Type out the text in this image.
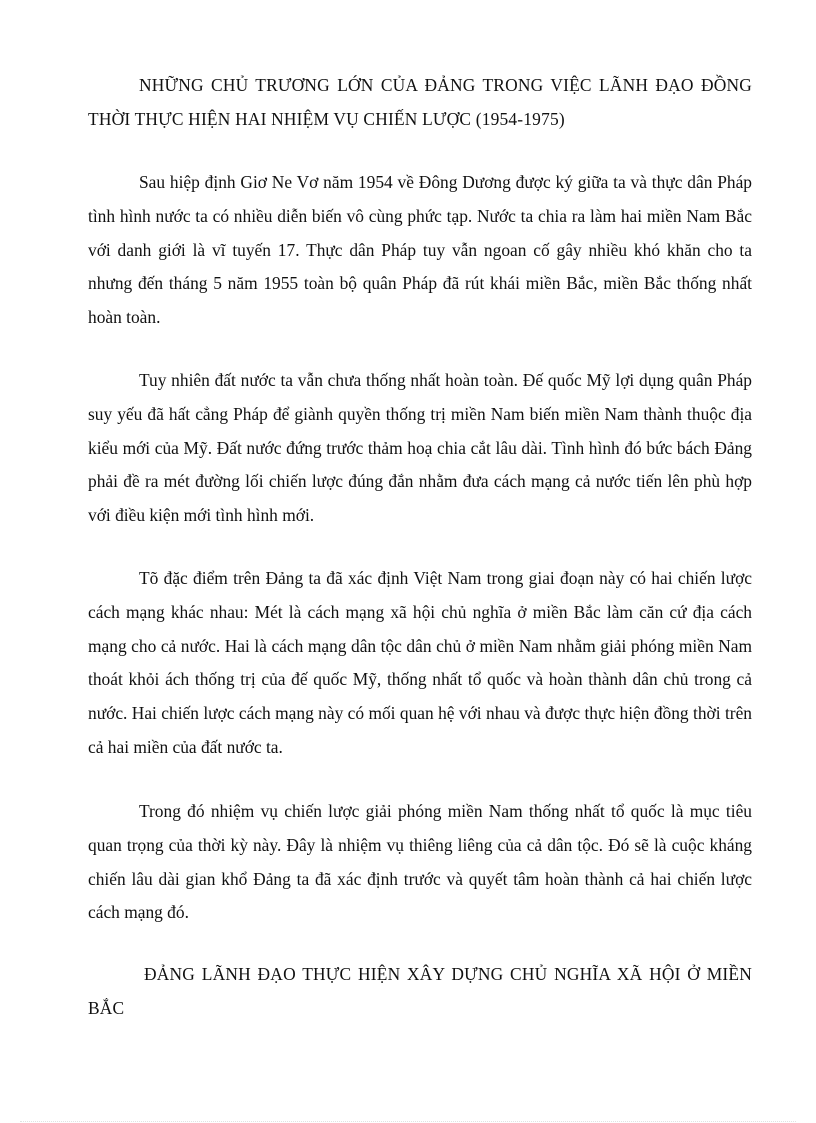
NHỮNG CHỦ TRƯƠNG LỚN CỦA ĐẢNG TRONG VIỆC LÃNH ĐẠO ĐỒNG THỜI THỰC HIỆN HAI NHIỆM VỤ CHIẾN LƯỢC (1954-1975)

Sau hiệp định Giơ Ne Vơ năm 1954 về Đông Dương được ký giữa ta và thực dân Pháp tình hình nước ta có nhiều diễn biến vô cùng phức tạp. Nước ta chia ra làm hai miền Nam Bắc với danh giới là vĩ tuyến 17. Thực dân Pháp tuy vẫn ngoan cố gây nhiều khó khăn cho ta nhưng đến tháng 5 năm 1955 toàn bộ quân Pháp đã rút khái miền Bắc, miền Bắc thống nhất hoàn toàn.

Tuy nhiên đất nước ta vẫn chưa thống nhất hoàn toàn. Đế quốc Mỹ lợi dụng quân Pháp suy yếu đã hất cẳng Pháp để giành quyền thống trị miền Nam biến miền Nam thành thuộc địa kiểu mới của Mỹ. Đất nước đứng trước thảm hoạ chia cắt lâu dài. Tình hình đó bức bách Đảng phải đề ra mét đường lối chiến lược đúng đắn nhằm đưa cách mạng cả nước tiến lên phù hợp với điều kiện mới tình hình mới.

Tõ đặc điểm trên Đảng ta đã xác định Việt Nam trong giai đoạn này có hai chiến lược cách mạng khác nhau: Mét là cách mạng xã hội chủ nghĩa ở miền Bắc làm căn cứ địa cách mạng cho cả nước. Hai là cách mạng dân tộc dân chủ ở miền Nam nhằm giải phóng miền Nam thoát khỏi ách thống trị của đế quốc Mỹ, thống nhất tổ quốc và hoàn thành dân chủ trong cả nước. Hai chiến lược cách mạng này có mối quan hệ với nhau và được thực hiện đồng thời trên cả hai miền của đất nước ta.

Trong đó nhiệm vụ chiến lược giải phóng miền Nam thống nhất tổ quốc là mục tiêu quan trọng của thời kỳ này. Đây là nhiệm vụ thiêng liêng của cả dân tộc. Đó sẽ là cuộc kháng chiến lâu dài gian khổ Đảng ta đã xác định trước và quyết tâm hoàn thành cả hai chiến lược cách mạng đó.

ĐẢNG LÃNH ĐẠO THỰC HIỆN XÂY DỰNG CHỦ NGHĨA XÃ HỘI Ở MIỀN BẮC
